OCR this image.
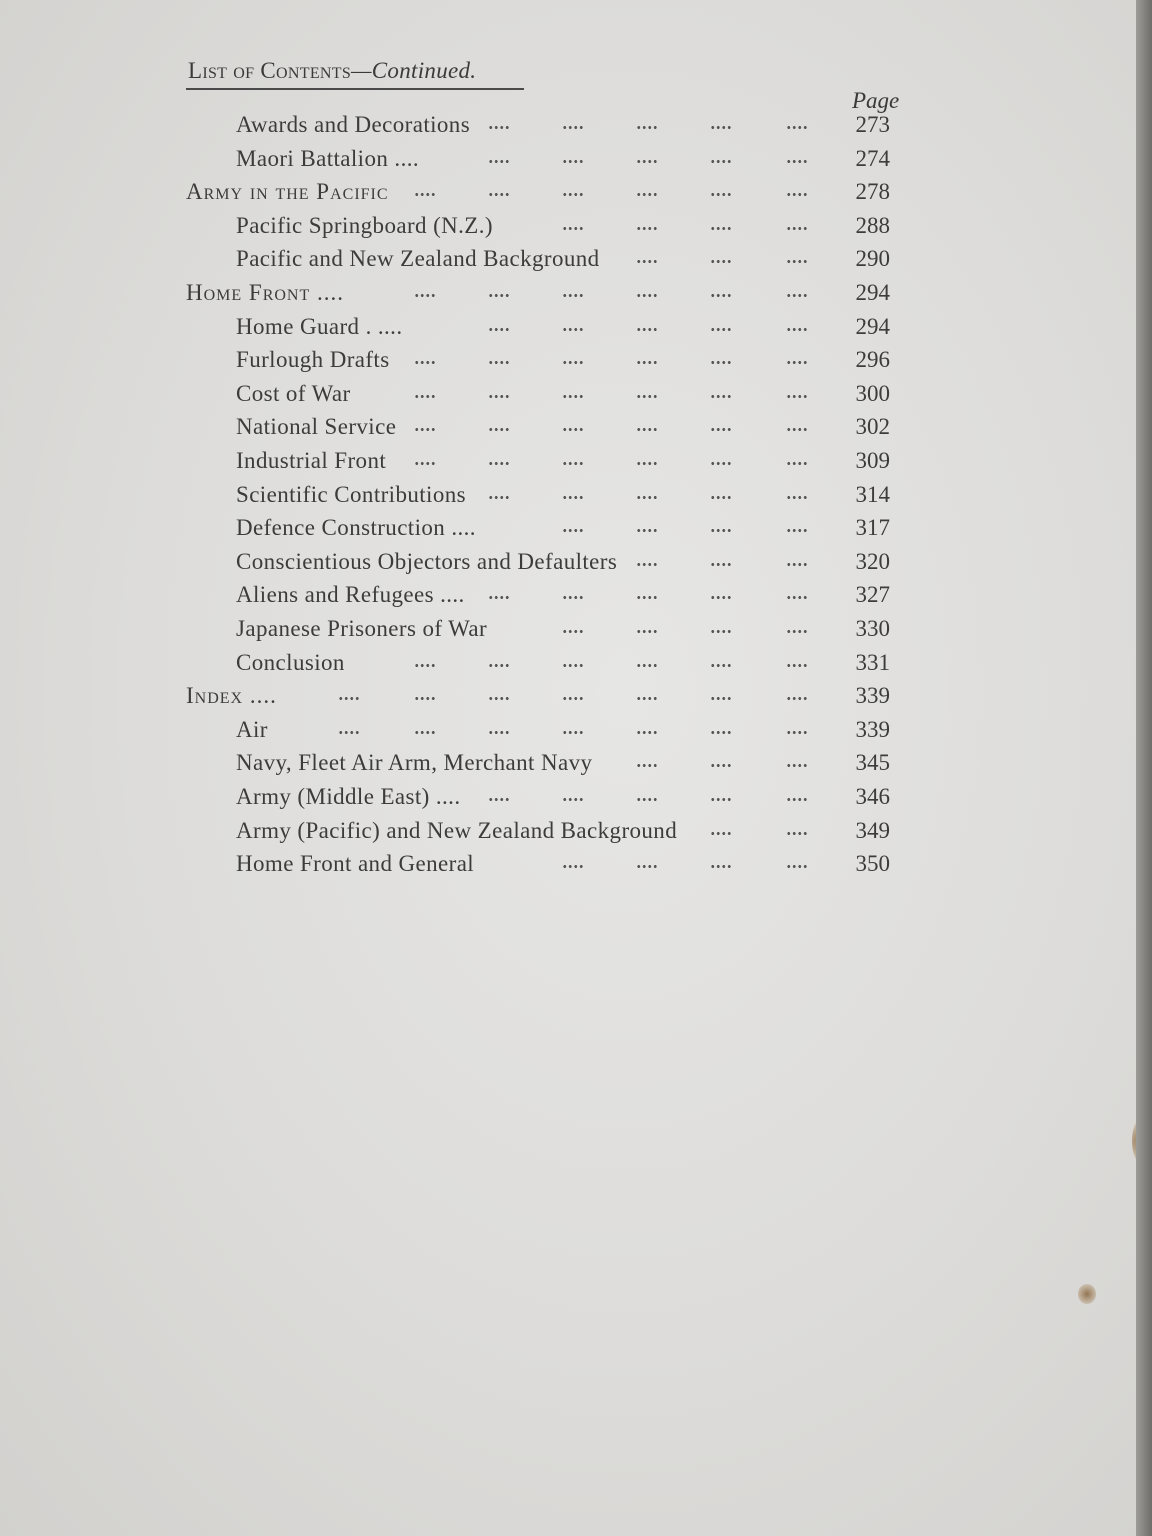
List of Contents—Continued.
Page
Awards and Decorations	273
Maori Battalion ....	274
Army in the Pacific	278
Pacific Springboard (N.Z.)	288
Pacific and New Zealand Background	290
Home Front ....	294
Home Guard . ....	294
Furlough Drafts	296
Cost of War	300
National Service	302
Industrial Front	309
Scientific Contributions	314
Defence Construction ....	317
Conscientious Objectors and Defaulters	320
Aliens and Refugees ....	327
Japanese Prisoners of War	330
Conclusion	331
Index ....	339
Air	339
Navy, Fleet Air Arm, Merchant Navy	345
Army (Middle East) ....	346
Army (Pacific) and New Zealand Background	349
Home Front and General	350
